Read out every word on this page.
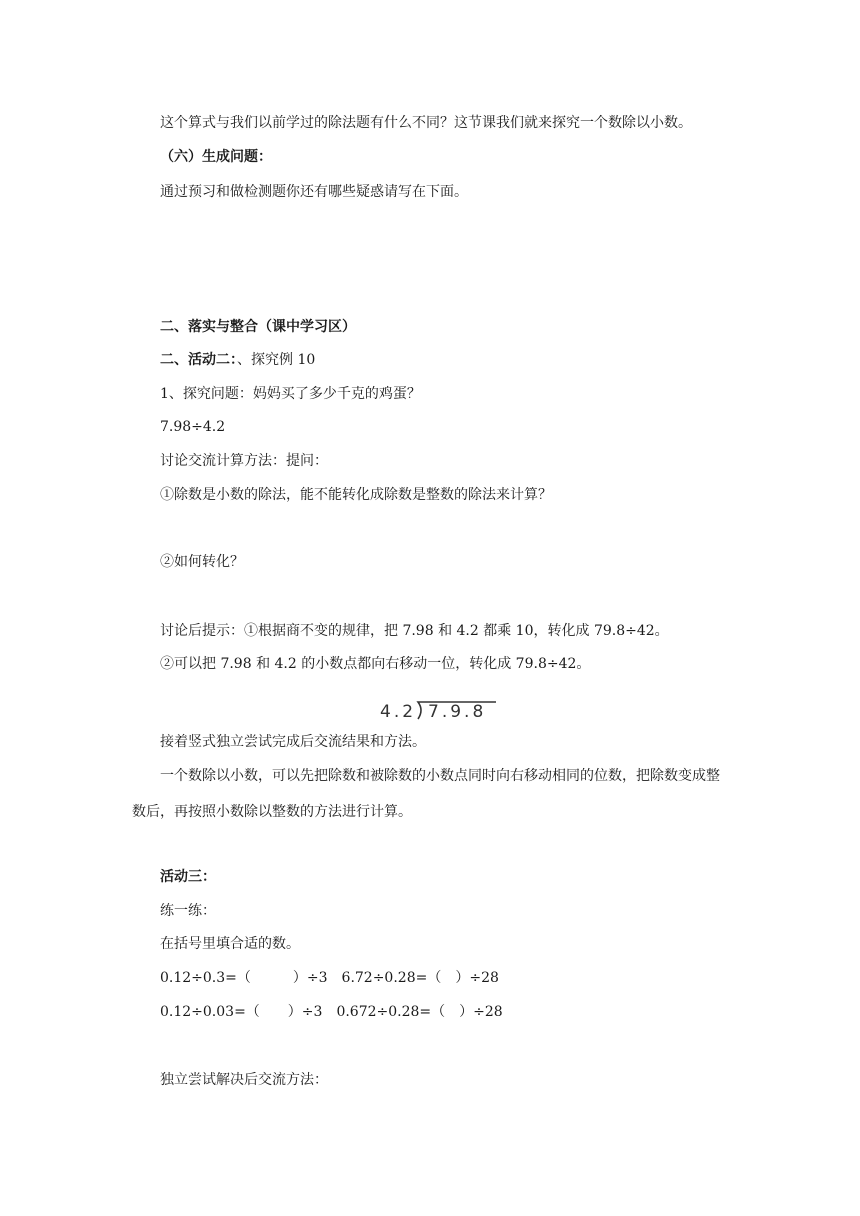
这个算式与我们以前学过的除法题有什么不同？这节课我们就来探究一个数除以小数。
（六）生成问题：
通过预习和做检测题你还有哪些疑惑请写在下面。
二、落实与整合（课中学习区）
二、活动二：、探究例 10
1、探究问题：妈妈买了多少千克的鸡蛋？
7.98÷4.2
讨论交流计算方法：提问：
①除数是小数的除法，能不能转化成除数是整数的除法来计算？
②如何转化？
讨论后提示：①根据商不变的规律，把 7.98 和 4.2 都乘 10，转化成 79.8÷42。
②可以把 7.98 和 4.2 的小数点都向右移动一位，转化成 79.8÷42。
4.2 7.9.8
接着竖式独立尝试完成后交流结果和方法。
一个数除以小数，可以先把除数和被除数的小数点同时向右移动相同的位数，把除数变成整数后，再按照小数除以整数的方法进行计算。
活动三：
练一练：
在括号里填合适的数。
0.12÷0.3=（　　　）÷3　6.72÷0.28=（　）÷28
0.12÷0.03=（　　）÷3　0.672÷0.28=（　）÷28
独立尝试解决后交流方法：
